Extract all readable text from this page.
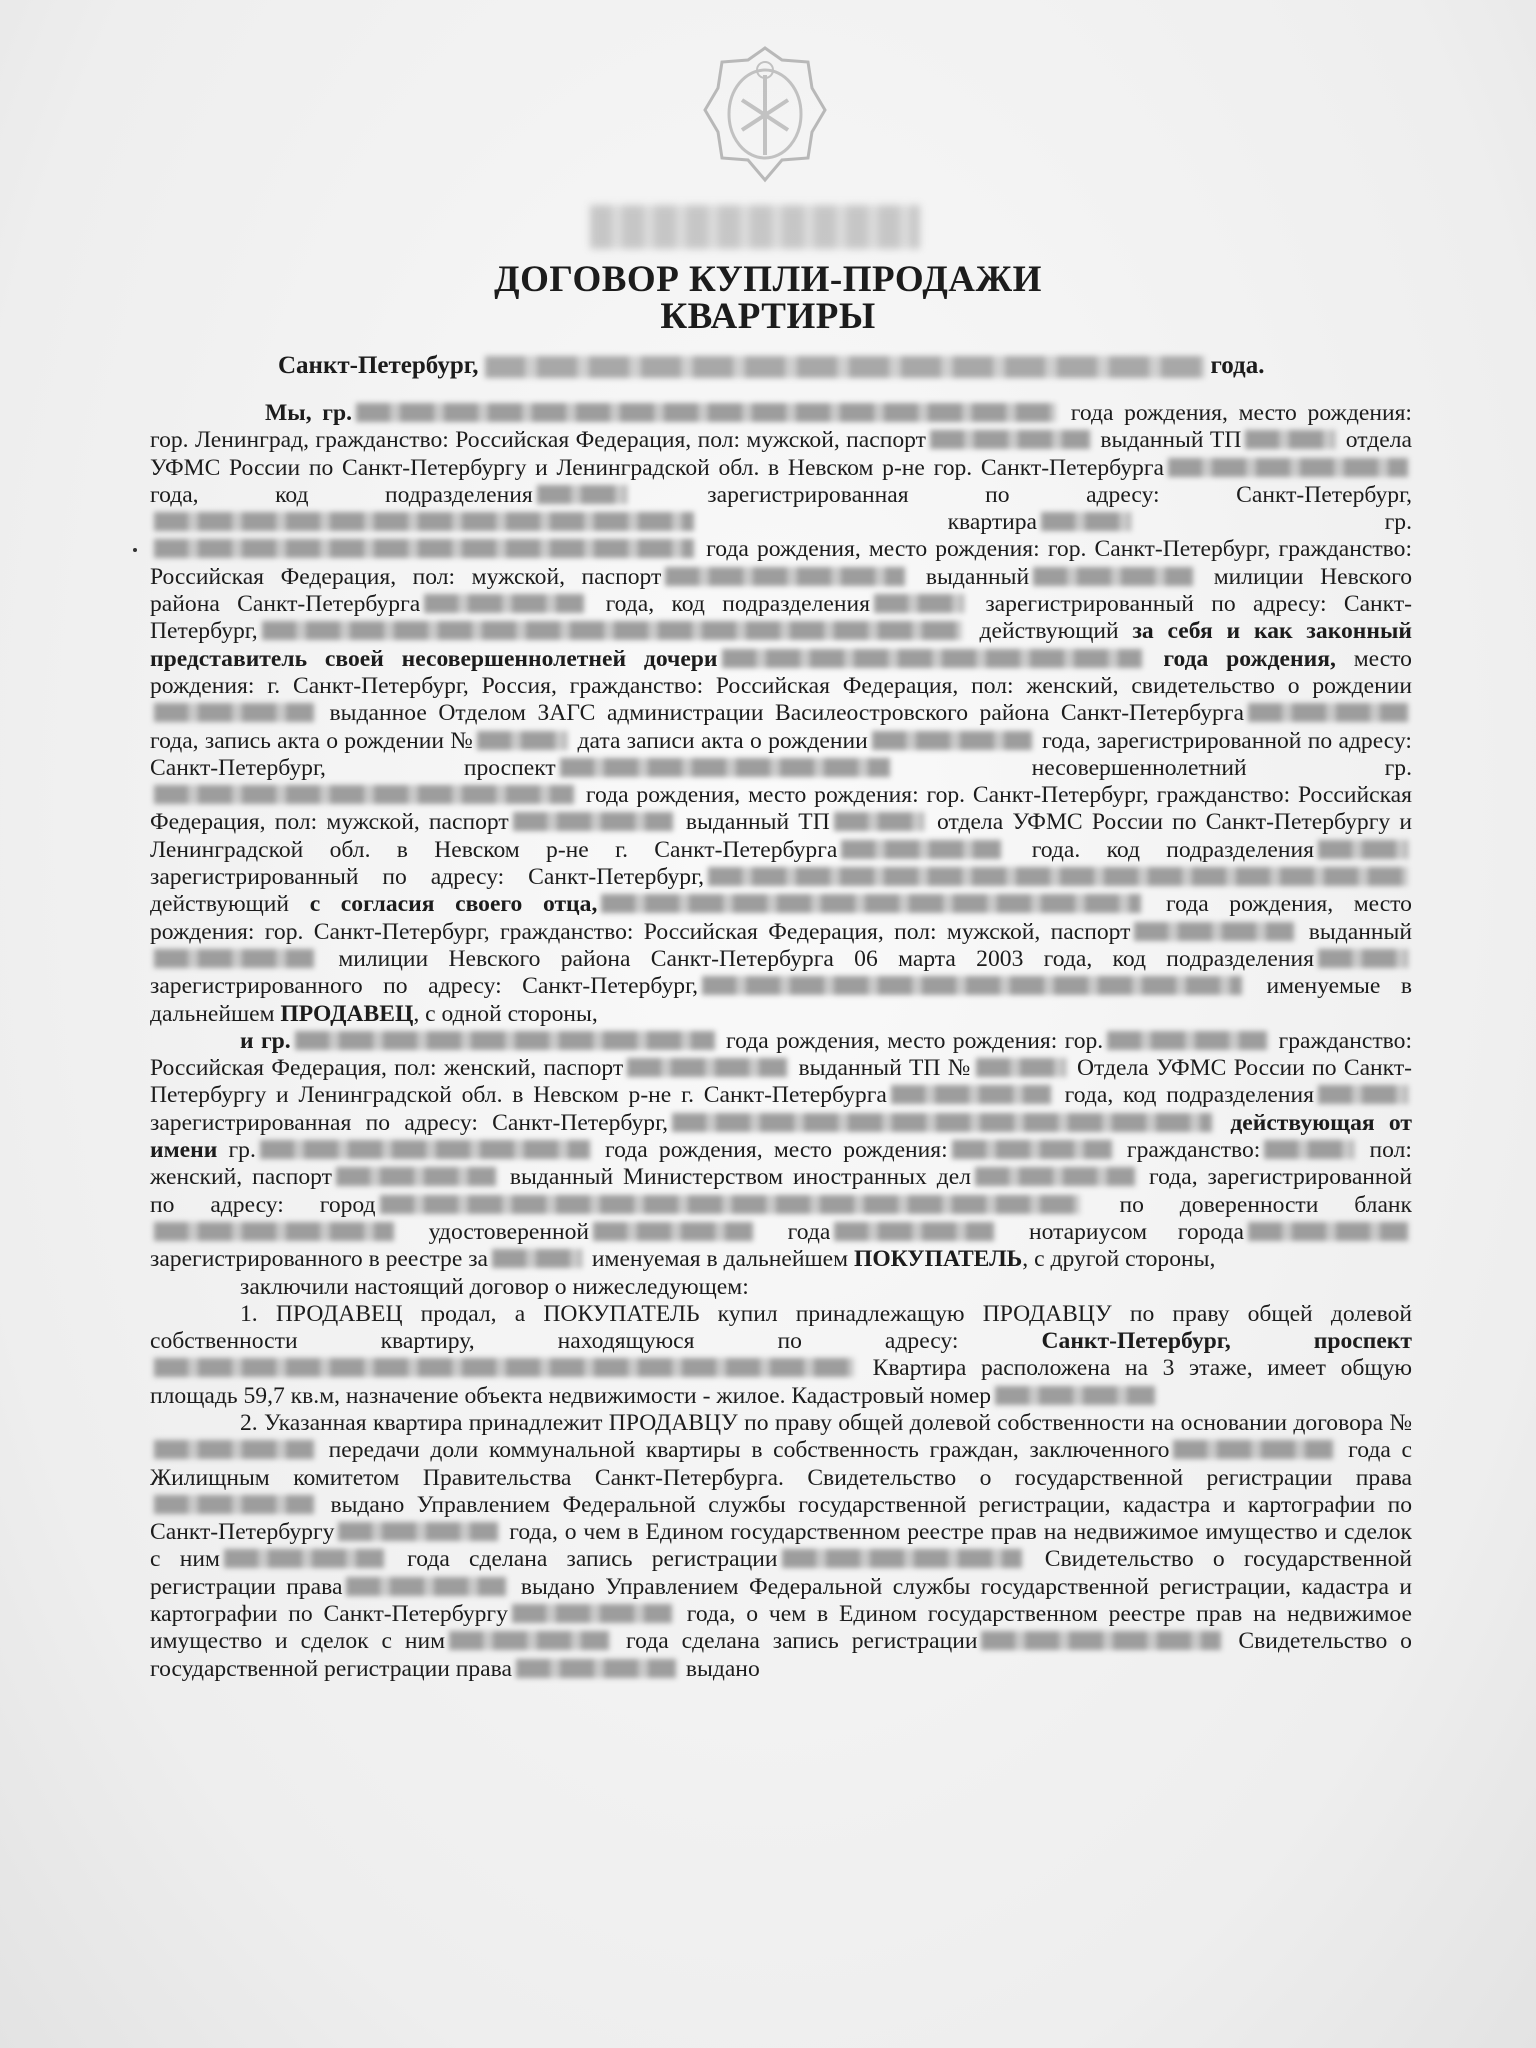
ДОГОВОР КУПЛИ-ПРОДАЖИ
КВАРТИРЫ
Санкт-Петербург,	года.

Мы, гр.	года рождения, место рождения: гор. Ленинград, гражданство: Российская Федерация, пол: мужской, паспорт	выданный ТП	отдела УФМС России по Санкт-Петербургу и Ленинградской обл. в Невском р-не гор. Санкт-Петербурга года, код подразделения	зарегистрированная по адресу: Санкт-Петербург, квартира	гр. года рождения, место рождения: гор. Санкт-Петербург, гражданство: Российская Федерация, пол: мужской, паспорт	выданный	милиции Невского района Санкт-Петербурга	года, код подразделения	зарегистрированный по адресу: Санкт-Петербург,	действующий за себя и как законный представитель своей несовершеннолетней дочери	года рождения, место рождения: г. Санкт-Петербург, Россия, гражданство: Российская Федерация, пол: женский, свидетельство о рождении выданное Отделом ЗАГС администрации Василеостровского района Санкт-Петербурга года, запись акта о рождении №	дата записи акта о рождении	года, зарегистрированной по адресу: Санкт-Петербург, проспект	несовершеннолетний гр. года рождения, место рождения: гор. Санкт-Петербург, гражданство: Российская Федерация, пол: мужской, паспорт	выданный ТП	отдела УФМС России по Санкт-Петербургу и Ленинградской обл. в Невском р-не г. Санкт-Петербурга	года. код подразделения зарегистрированный по адресу: Санкт-Петербург, действующий с согласия своего отца,	года рождения, место рождения: гор. Санкт-Петербург, гражданство: Российская Федерация, пол: мужской, паспорт	выданный милиции Невского района Санкт-Петербурга 06 марта 2003 года, код подразделения зарегистрированного по адресу: Санкт-Петербург,	именуемые в дальнейшем ПРОДАВЕЦ, с одной стороны,

и гр.	года рождения, место рождения: гор.	гражданство: Российская Федерация, пол: женский, паспорт	выданный ТП №	Отдела УФМС России по Санкт-Петербургу и Ленинградской обл. в Невском р-не г. Санкт-Петербурга	года, код подразделения зарегистрированная по адресу: Санкт-Петербург,	действующая от имени гр.	года рождения, место рождения:	гражданство:	пол: женский, паспорт	выданный Министерством иностранных дел	года, зарегистрированной по адресу: город	по доверенности бланк удостоверенной	года	нотариусом города зарегистрированного в реестре за	именуемая в дальнейшем ПОКУПАТЕЛЬ, с другой стороны,

заключили настоящий договор о нижеследующем:

1. ПРОДАВЕЦ продал, а ПОКУПАТЕЛЬ купил принадлежащую ПРОДАВЦУ по праву общей долевой собственности квартиру, находящуюся по адресу:	Санкт-Петербург, проспект Квартира расположена на 3 этаже, имеет общую площадь 59,7 кв.м, назначение объекта недвижимости - жилое. Кадастровый номер

2. Указанная квартира принадлежит ПРОДАВЦУ по праву общей долевой собственности на основании договора № передачи доли коммунальной квартиры в собственность граждан, заключенного	года с Жилищным комитетом Правительства Санкт-Петербурга. Свидетельство о государственной регистрации права выдано Управлением Федеральной службы государственной регистрации, кадастра и картографии по Санкт-Петербургу	года, о чем в Едином государственном реестре прав на недвижимое имущество и сделок с ним	года сделана запись регистрации	Свидетельство о государственной регистрации права	выдано Управлением Федеральной службы государственной регистрации, кадастра и картографии по Санкт-Петербургу	года, о чем в Едином государственном реестре прав на недвижимое имущество и сделок с ним	года сделана запись регистрации	Свидетельство о государственной регистрации права	выдано
